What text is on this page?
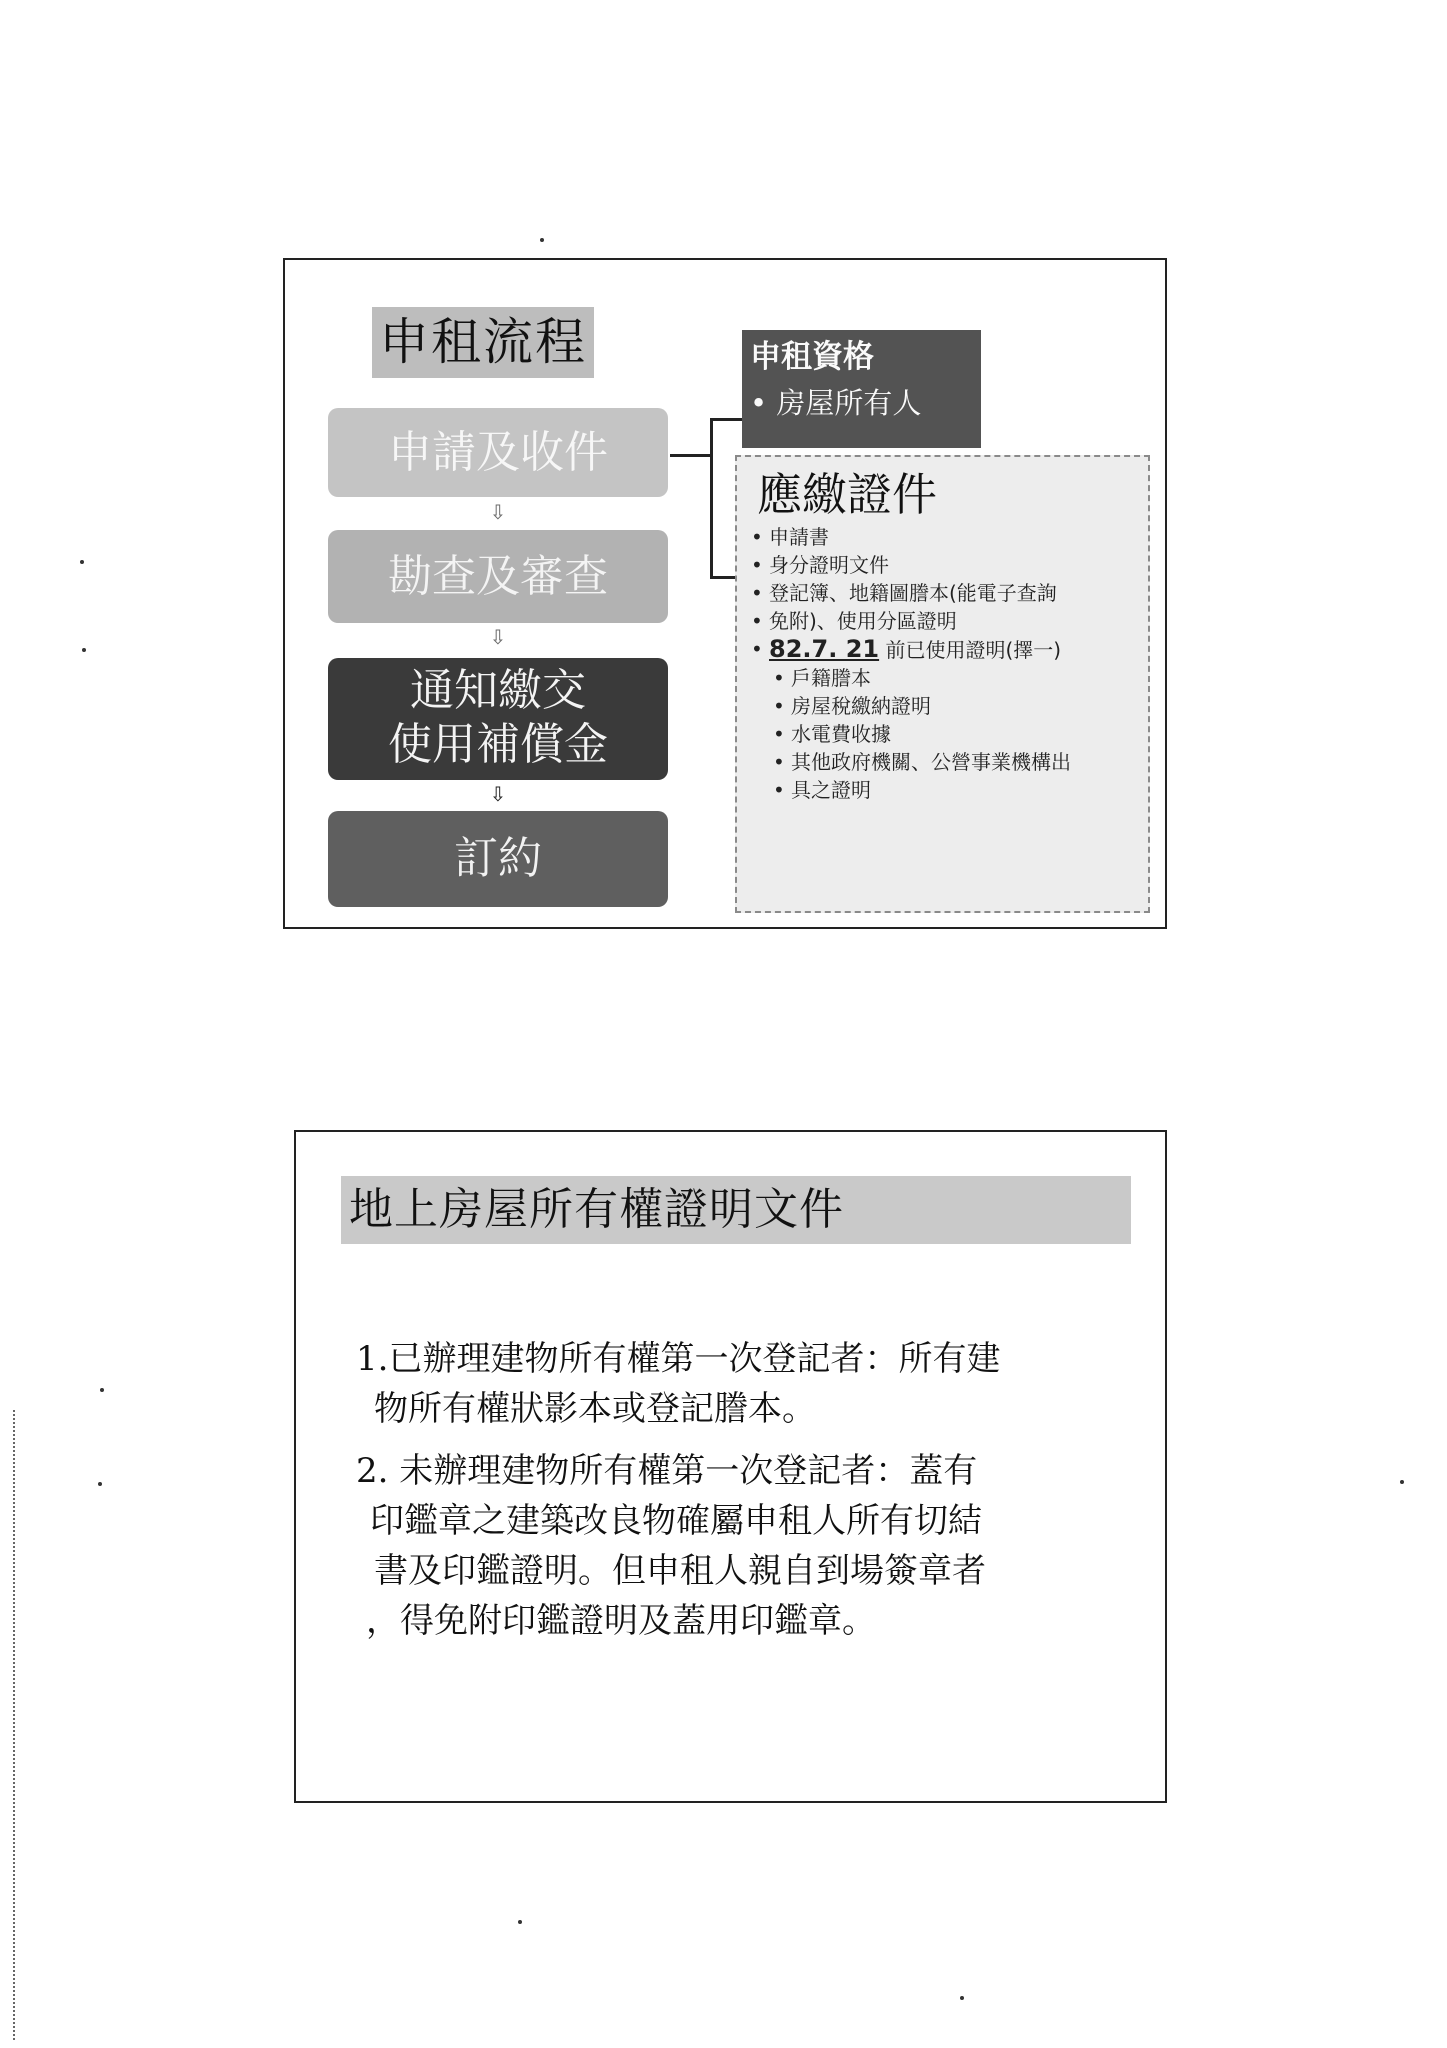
申租流程
申請及收件
⇩
勘查及審查
⇩
通知繳交
使用補償金
⇩
訂約
申租資格
• 房屋所有人
應繳證件
• 申請書
• 身分證明文件
• 登記簿、地籍圖謄本(能電子查詢
• 免附)、使用分區證明
• 82.7. 21 前已使用證明(擇一)
• 戶籍謄本
• 房屋稅繳納證明
• 水電費收據
• 其他政府機關、公營事業機構出
• 具之證明
地上房屋所有權證明文件
1.已辦理建物所有權第一次登記者：所有建
物所有權狀影本或登記謄本。
2. 未辦理建物所有權第一次登記者：蓋有
印鑑章之建築改良物確屬申租人所有切結
書及印鑑證明。但申租人親自到場簽章者
，得免附印鑑證明及蓋用印鑑章。
